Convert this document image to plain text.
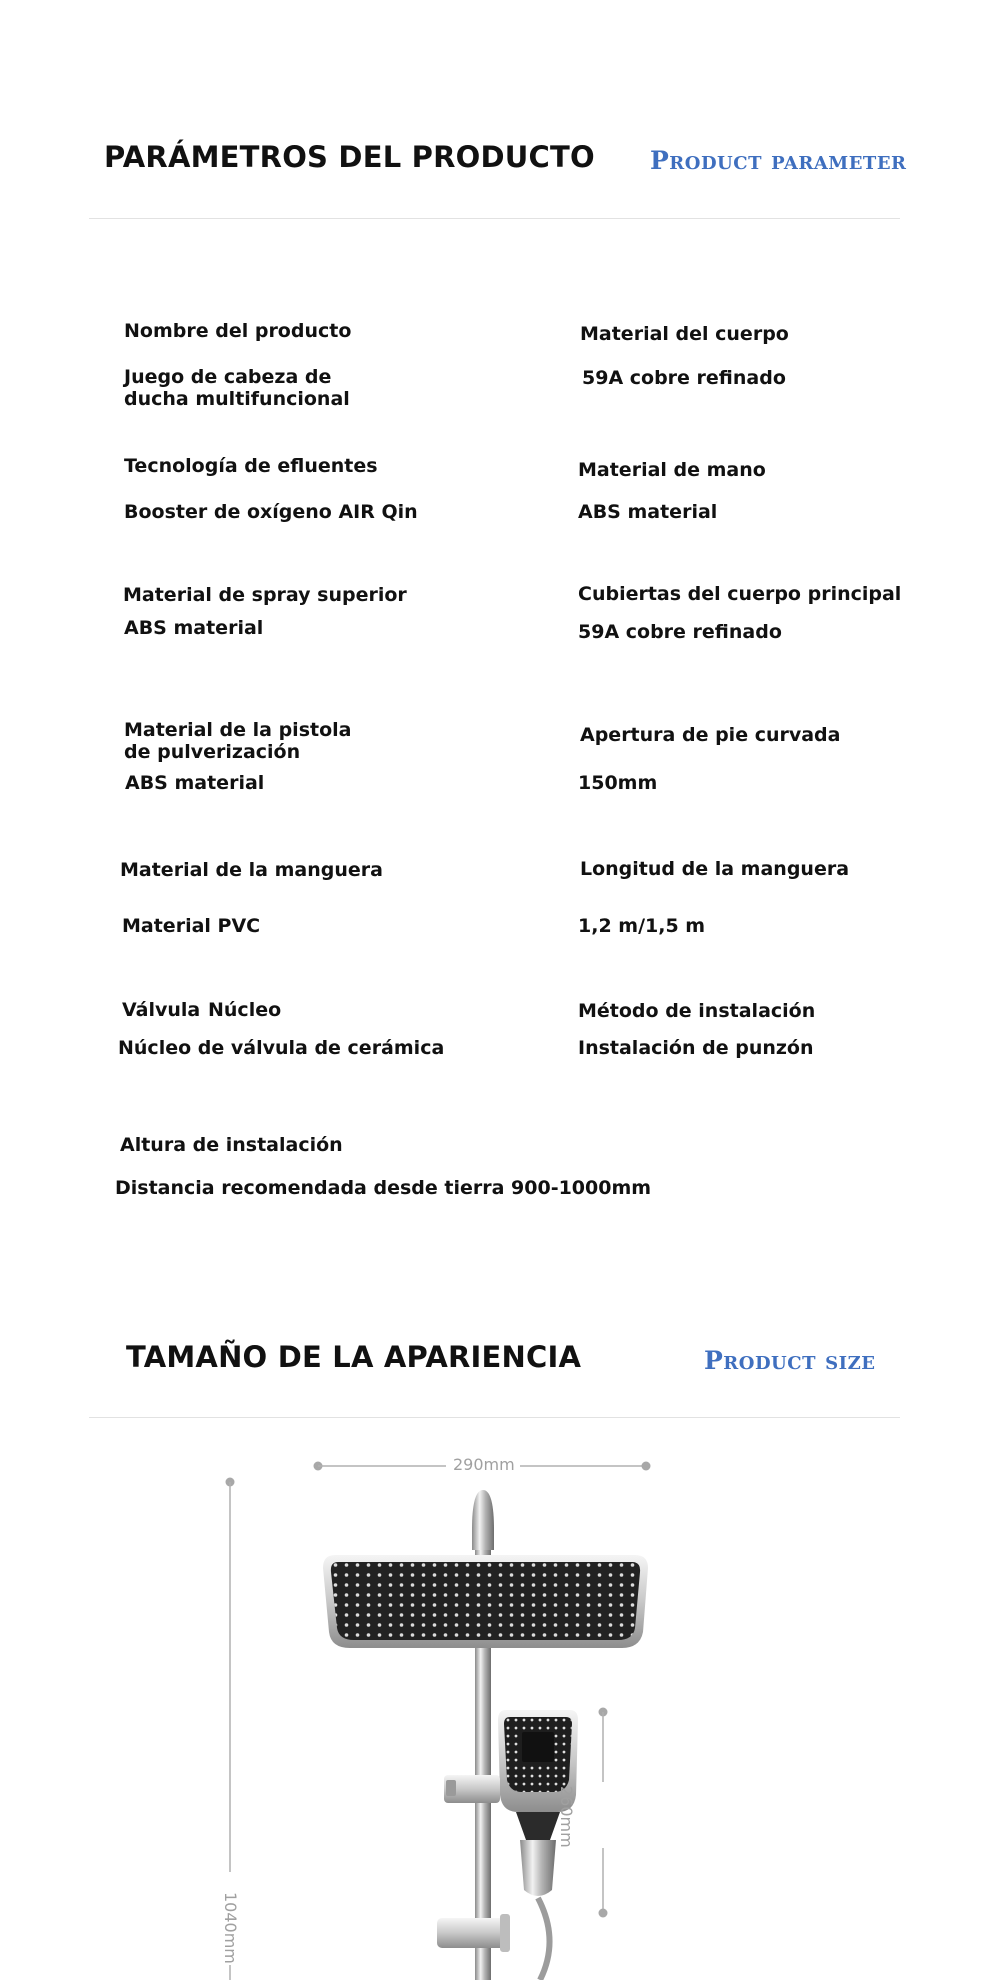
PARÁMETROS DEL PRODUCTO Product parameter
Nombre del producto
Juego de cabeza de
ducha multifuncional
Material del cuerpo
59A cobre refinado
Tecnología de efluentes
Booster de oxígeno AIR Qin
Material de mano
ABS material
Material de spray superior
ABS material
Cubiertas del cuerpo principal
59A cobre refinado
Material de la pistola
de pulverización
ABS material
Apertura de pie curvada
150mm
Material de la manguera
Material PVC
Longitud de la manguera
1,2 m/1,5 m
Válvula Núcleo
Núcleo de válvula de cerámica
Método de instalación
Instalación de punzón
Altura de instalación
Distancia recomendada desde tierra 900-1000mm
TAMAÑO DE LA APARIENCIA	Product size
290mm
260mm
1040mm
